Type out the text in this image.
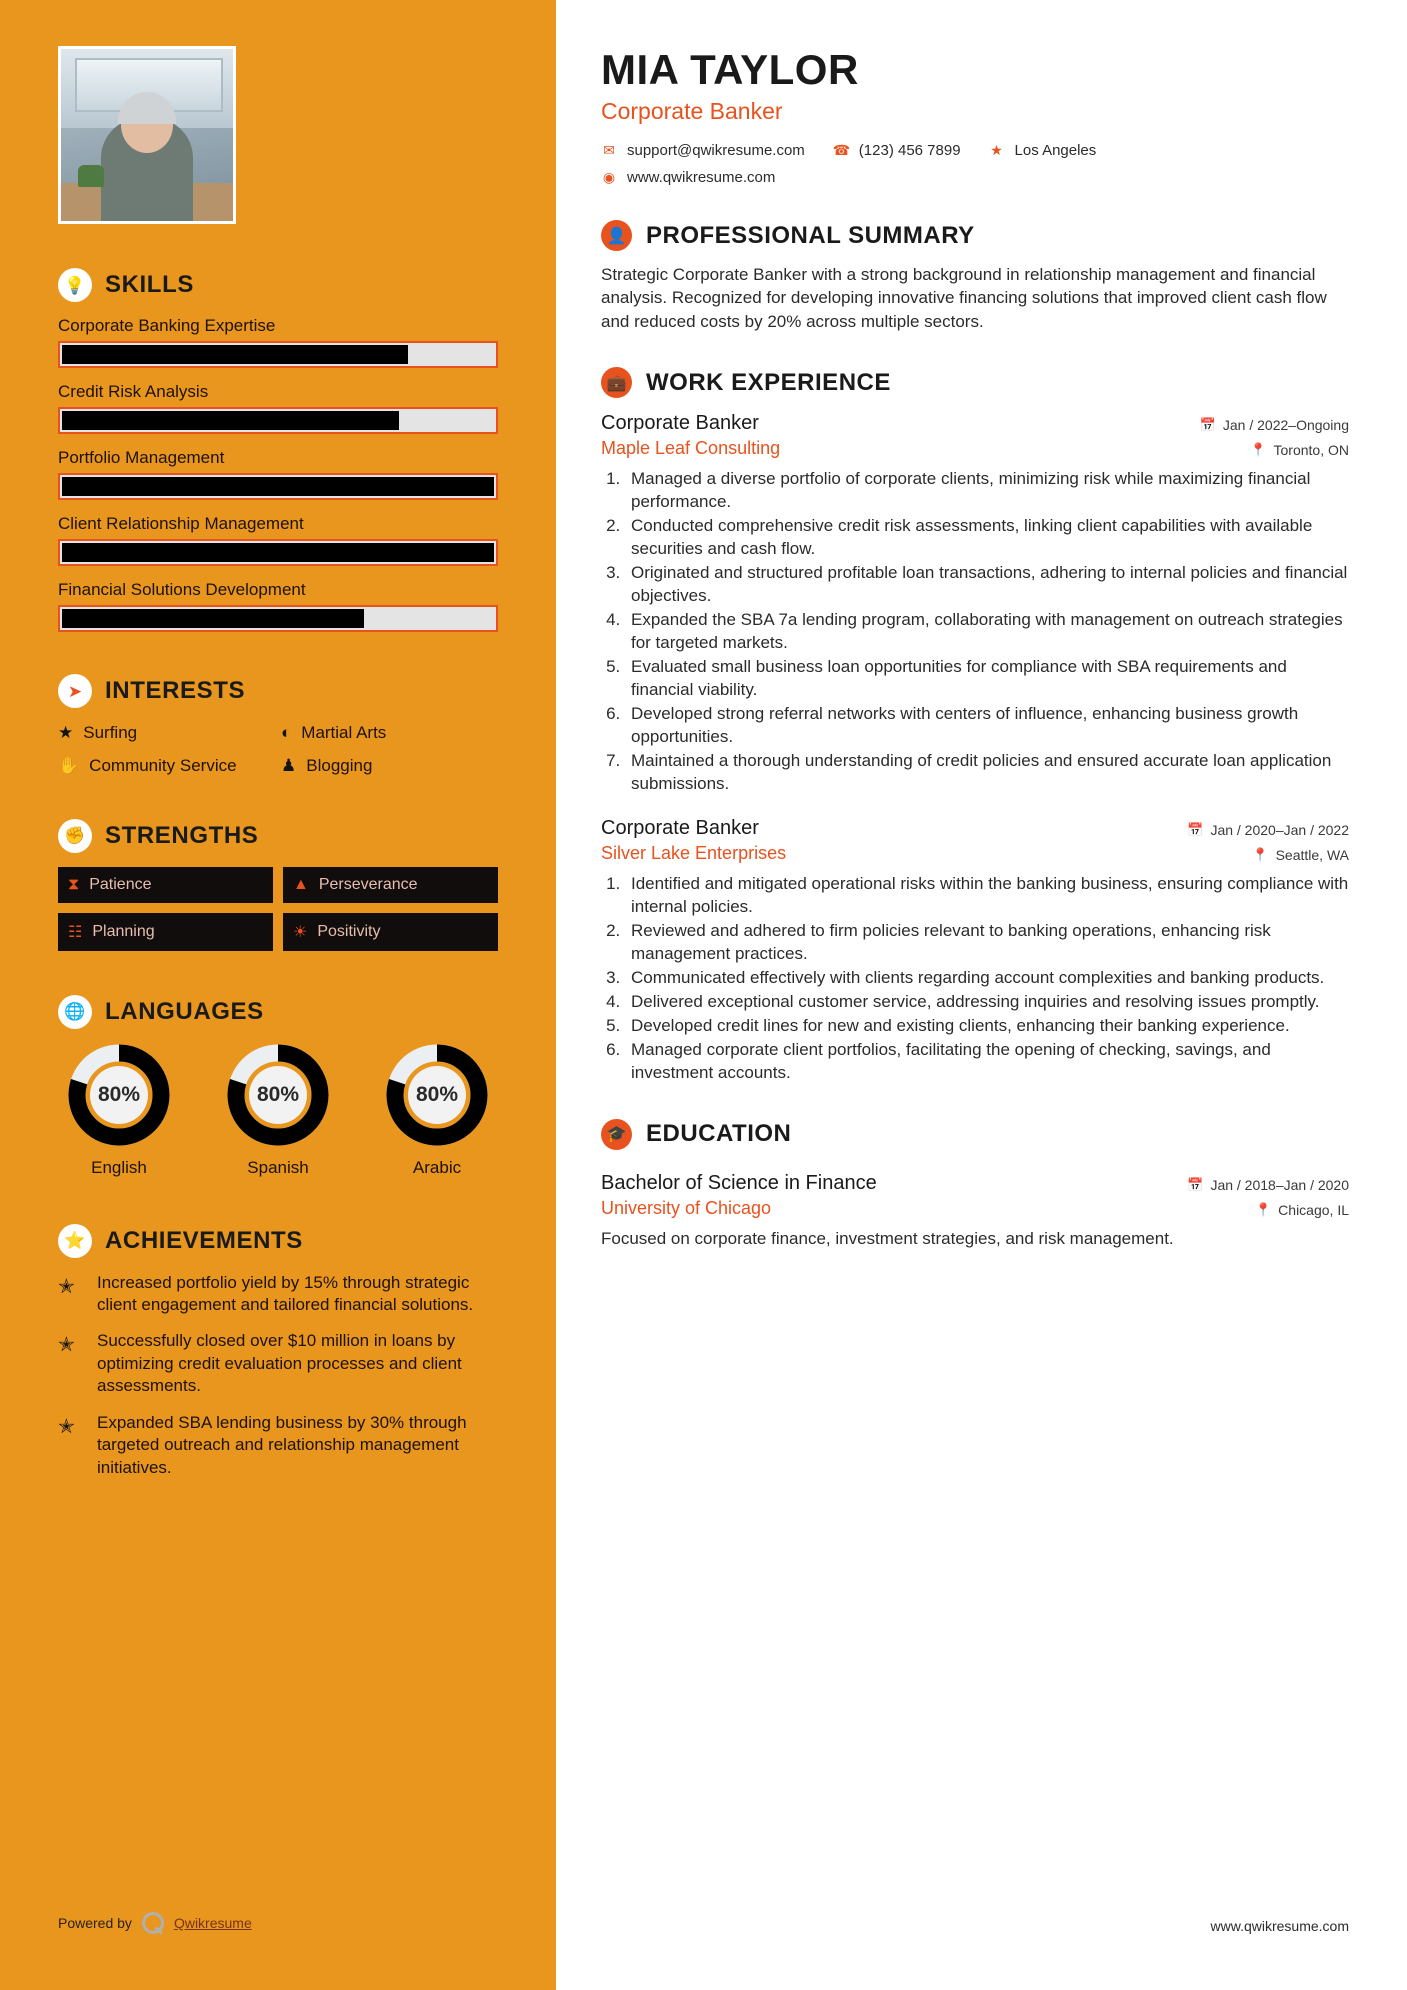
💡 SKILLS
Corporate Banking Expertise
Credit Risk Analysis
Portfolio Management
Client Relationship Management
Financial Solutions Development
➤ INTERESTS
★ Surfing	◐ Martial Arts
✋ Community Service	♟ Blogging
✊ STRENGTHS
⧗ Patience	▲ Perseverance
☷ Planning	☀ Positivity
🌐 LANGUAGES
80%
English
80%
Spanish
80%
Arabic
⭐ ACHIEVEMENTS
✭	Increased portfolio yield by 15% through strategic client engagement and tailored financial solutions.
✭	Successfully closed over $10 million in loans by optimizing credit evaluation processes and client assessments.
✭	Expanded SBA lending business by 30% through targeted outreach and relationship management initiatives.
Powered by	Qwikresume
MIA TAYLOR
Corporate Banker
✉ support@qwikresume.com ☎ (123) 456 7899 ★ Los Angeles
◉ www.qwikresume.com
👤 PROFESSIONAL SUMMARY

Strategic Corporate Banker with a strong background in relationship management and financial analysis. Recognized for developing innovative financing solutions that improved client cash flow and reduced costs by 20% across multiple sectors.

💼 WORK EXPERIENCE
Corporate Banker	📅 Jan / 2022–Ongoing
Maple Leaf Consulting	📍 Toronto, ON
1. Managed a diverse portfolio of corporate clients, minimizing risk while maximizing financial performance.
2. Conducted comprehensive credit risk assessments, linking client capabilities with available securities and cash flow.
3. Originated and structured profitable loan transactions, adhering to internal policies and financial objectives.
4. Expanded the SBA 7a lending program, collaborating with management on outreach strategies for targeted markets.
5. Evaluated small business loan opportunities for compliance with SBA requirements and financial viability.
6. Developed strong referral networks with centers of influence, enhancing business growth opportunities.
7. Maintained a thorough understanding of credit policies and ensured accurate loan application submissions.
Corporate Banker	📅 Jan / 2020–Jan / 2022
Silver Lake Enterprises	📍 Seattle, WA
1. Identified and mitigated operational risks within the banking business, ensuring compliance with internal policies.
2. Reviewed and adhered to firm policies relevant to banking operations, enhancing risk management practices.
3. Communicated effectively with clients regarding account complexities and banking products.
4. Delivered exceptional customer service, addressing inquiries and resolving issues promptly.
5. Developed credit lines for new and existing clients, enhancing their banking experience.
6. Managed corporate client portfolios, facilitating the opening of checking, savings, and investment accounts.
🎓 EDUCATION
Bachelor of Science in Finance	📅 Jan / 2018–Jan / 2020
University of Chicago	📍 Chicago, IL

Focused on corporate finance, investment strategies, and risk management.

www.qwikresume.com
